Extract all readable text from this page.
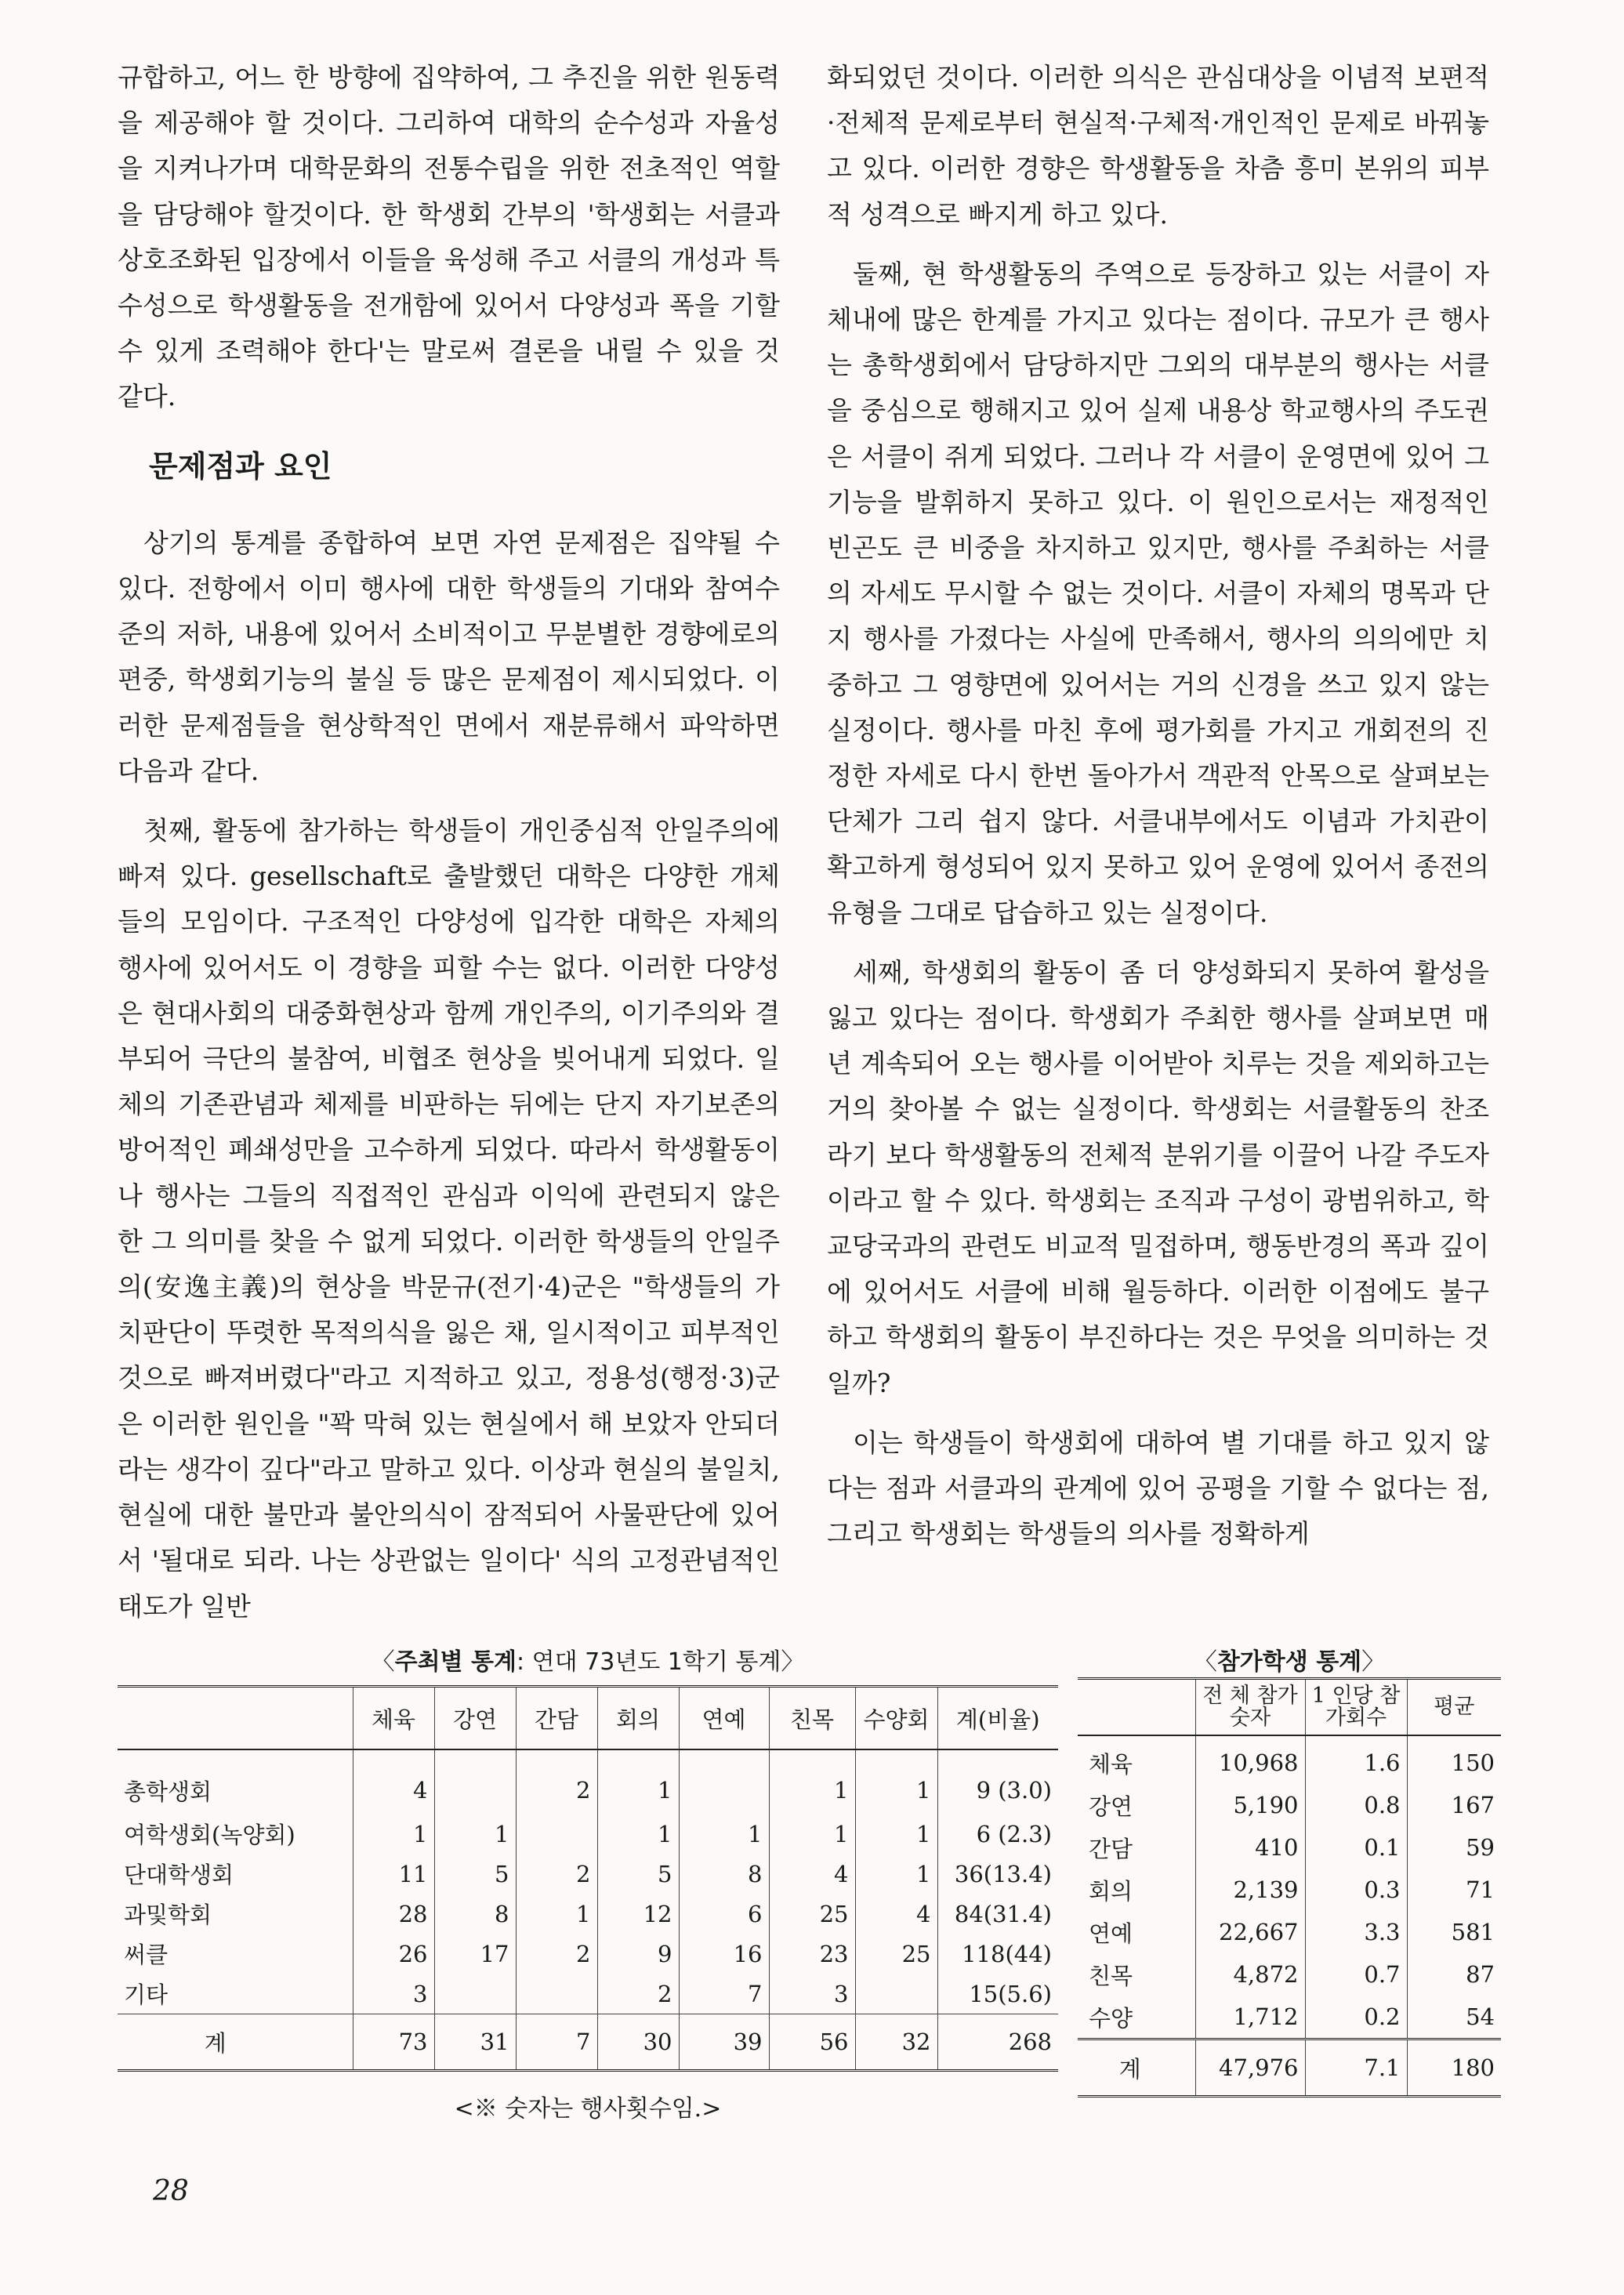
규합하고, 어느 한 방향에 집약하여, 그 추진을 위한 원동력을 제공해야 할 것이다. 그리하여 대학의 순수성과 자율성을 지켜나가며 대학문화의 전통수립을 위한 전초적인 역할을 담당해야 할것이다. 한 학생회 간부의 '학생회는 서클과 상호조화된 입장에서 이들을 육성해 주고 서클의 개성과 특수성으로 학생활동을 전개함에 있어서 다양성과 폭을 기할 수 있게 조력해야 한다'는 말로써 결론을 내릴 수 있을 것 같다.

문제점과 요인

상기의 통계를 종합하여 보면 자연 문제점은 집약될 수 있다. 전항에서 이미 행사에 대한 학생들의 기대와 참여수준의 저하, 내용에 있어서 소비적이고 무분별한 경향에로의 편중, 학생회기능의 불실 등 많은 문제점이 제시되었다. 이러한 문제점들을 현상학적인 면에서 재분류해서 파악하면 다음과 같다.

첫째, 활동에 참가하는 학생들이 개인중심적 안일주의에 빠져 있다. gesellschaft로 출발했던 대학은 다양한 개체들의 모임이다. 구조적인 다양성에 입각한 대학은 자체의 행사에 있어서도 이 경향을 피할 수는 없다. 이러한 다양성은 현대사회의 대중화현상과 함께 개인주의, 이기주의와 결부되어 극단의 불참여, 비협조 현상을 빚어내게 되었다. 일체의 기존관념과 체제를 비판하는 뒤에는 단지 자기보존의 방어적인 폐쇄성만을 고수하게 되었다. 따라서 학생활동이나 행사는 그들의 직접적인 관심과 이익에 관련되지 않은 한 그 의미를 찾을 수 없게 되었다. 이러한 학생들의 안일주의(安逸主義)의 현상을 박문규(전기·4)군은 "학생들의 가치판단이 뚜렷한 목적의식을 잃은 채, 일시적이고 피부적인 것으로 빠져버렸다"라고 지적하고 있고, 정용성(행정·3)군은 이러한 원인을 "꽉 막혀 있는 현실에서 해 보았자 안되더라는 생각이 깊다"라고 말하고 있다. 이상과 현실의 불일치, 현실에 대한 불만과 불안의식이 잠적되어 사물판단에 있어서 '될대로 되라. 나는 상관없는 일이다' 식의 고정관념적인 태도가 일반

화되었던 것이다. 이러한 의식은 관심대상을 이념적 보편적·전체적 문제로부터 현실적·구체적·개인적인 문제로 바꿔놓고 있다. 이러한 경향은 학생활동을 차츰 흥미 본위의 피부적 성격으로 빠지게 하고 있다.

둘째, 현 학생활동의 주역으로 등장하고 있는 서클이 자체내에 많은 한계를 가지고 있다는 점이다. 규모가 큰 행사는 총학생회에서 담당하지만 그외의 대부분의 행사는 서클을 중심으로 행해지고 있어 실제 내용상 학교행사의 주도권은 서클이 쥐게 되었다. 그러나 각 서클이 운영면에 있어 그 기능을 발휘하지 못하고 있다. 이 원인으로서는 재정적인 빈곤도 큰 비중을 차지하고 있지만, 행사를 주최하는 서클의 자세도 무시할 수 없는 것이다. 서클이 자체의 명목과 단지 행사를 가졌다는 사실에 만족해서, 행사의 의의에만 치중하고 그 영향면에 있어서는 거의 신경을 쓰고 있지 않는 실정이다. 행사를 마친 후에 평가회를 가지고 개회전의 진정한 자세로 다시 한번 돌아가서 객관적 안목으로 살펴보는 단체가 그리 쉽지 않다. 서클내부에서도 이념과 가치관이 확고하게 형성되어 있지 못하고 있어 운영에 있어서 종전의 유형을 그대로 답습하고 있는 실정이다.

세째, 학생회의 활동이 좀 더 양성화되지 못하여 활성을 잃고 있다는 점이다. 학생회가 주최한 행사를 살펴보면 매년 계속되어 오는 행사를 이어받아 치루는 것을 제외하고는 거의 찾아볼 수 없는 실정이다. 학생회는 서클활동의 찬조라기 보다 학생활동의 전체적 분위기를 이끌어 나갈 주도자이라고 할 수 있다. 학생회는 조직과 구성이 광범위하고, 학교당국과의 관련도 비교적 밀접하며, 행동반경의 폭과 깊이에 있어서도 서클에 비해 월등하다. 이러한 이점에도 불구하고 학생회의 활동이 부진하다는 것은 무엇을 의미하는 것일까?

이는 학생들이 학생회에 대하여 별 기대를 하고 있지 않다는 점과 서클과의 관계에 있어 공평을 기할 수 없다는 점, 그리고 학생회는 학생들의 의사를 정확하게

〈주최별 통계: 연대 73년도 1학기 통계〉
	체육	강연	간담	회의	연예	친목	수양회	계(비율)
총학생회	4		2	1		1	1	9 (3.0)
여학생회(녹양회)	1	1		1	1	1	1	6 (2.3)
단대학생회	11	5	2	5	8	4	1	36(13.4)
과및학회	28	8	1	12	6	25	4	84(31.4)
써클	26	17	2	9	16	23	25	118(44)
기타	3			2	7	3		15(5.6)
계	73	31	7	30	39	56	32	268
<※ 숫자는 행사횟수임.>
〈참가학생 통계〉
	전 체 참가숫자	1 인당 참가회수	평균
체육	10,968	1.6	150
강연	5,190	0.8	167
간담	410	0.1	59
회의	2,139	0.3	71
연예	22,667	3.3	581
친목	4,872	0.7	87
수양	1,712	0.2	54
계	47,976	7.1	180
28
